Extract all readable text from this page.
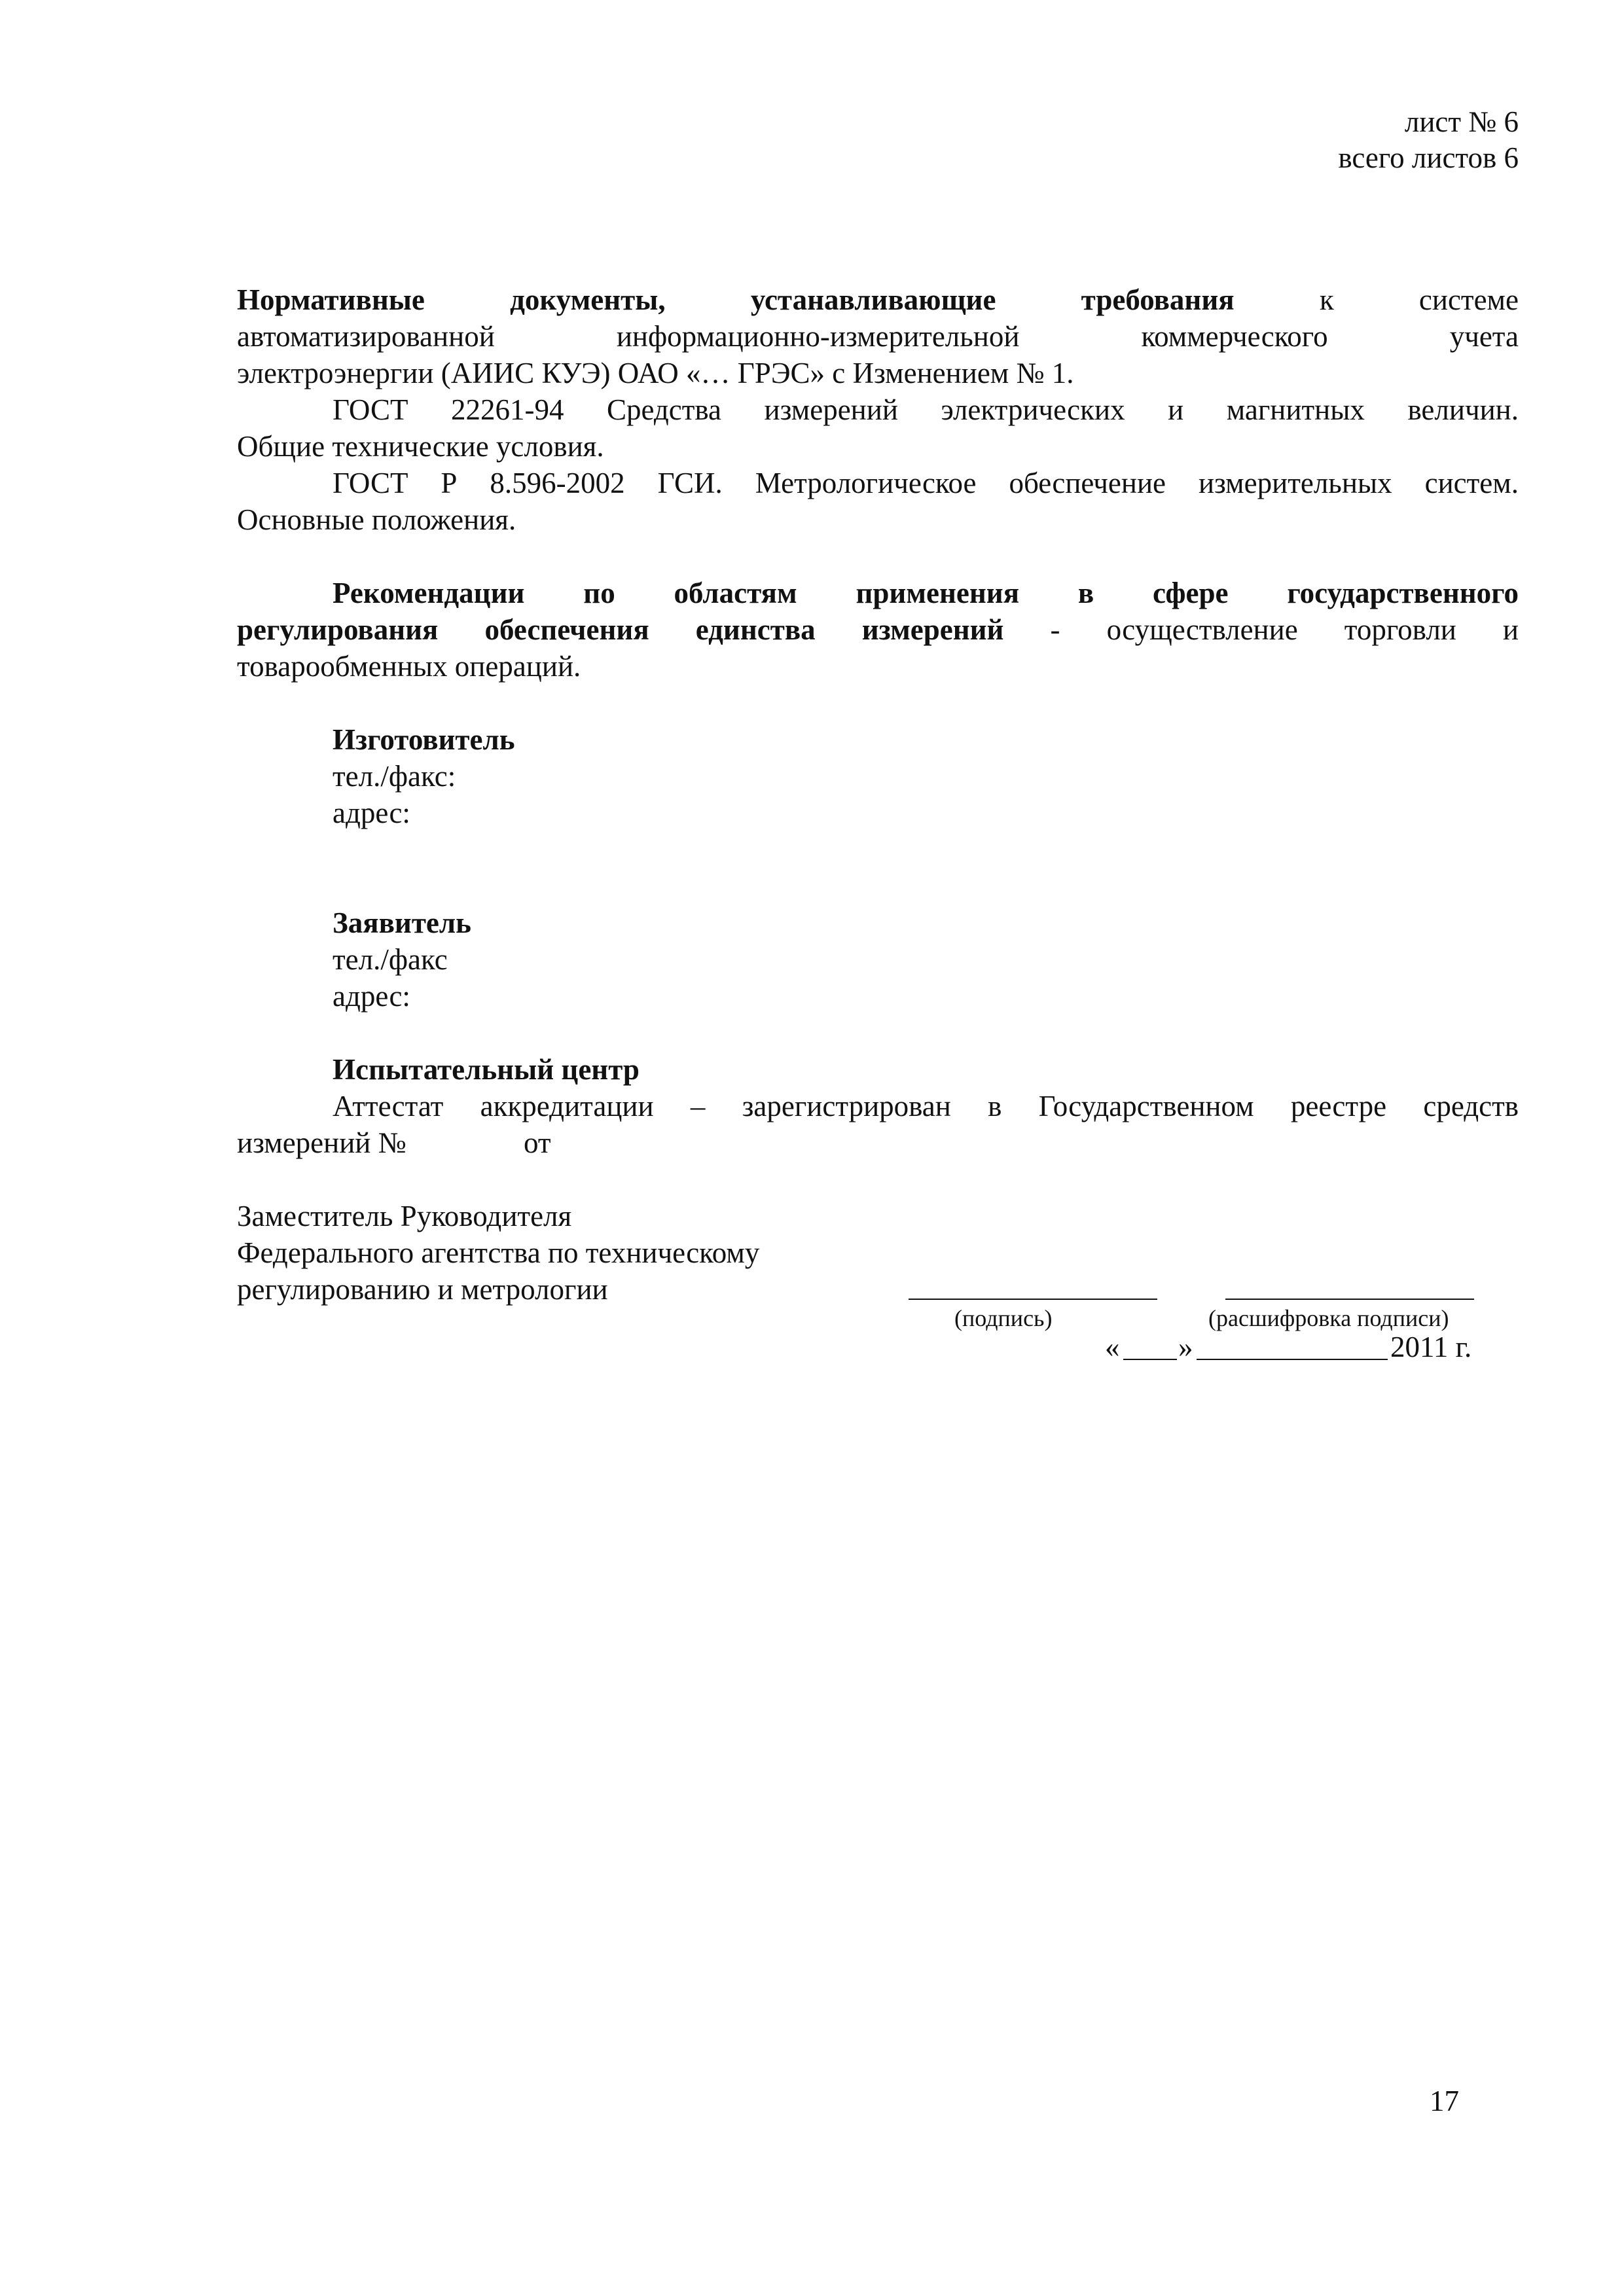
лист № 6
всего листов 6
Нормативные	документы,	устанавливающие	требования	к системе
автоматизированной информационно-измерительной коммерческого учета
электроэнергии (АИИС КУЭ) ОАО «… ГРЭС» с Изменением № 1.
ГОСТ 22261-94 Средства измерений электрических и магнитных величин.
Общие технические условия.
ГОСТ Р 8.596-2002 ГСИ. Метрологическое обеспечение измерительных систем.
Основные положения.
Рекомендации по областям применения в сфере государственного
регулирования обеспечения единства измерений - осуществление торговли и
товарообменных операций.
Изготовитель
тел./факс:
адрес:
Заявитель
тел./факс
адрес:
Испытательный центр
Аттестат аккредитации – зарегистрирован в Государственном реестре средств
измерений №	от
Заместитель Руководителя
Федерального агентства по техническому
регулированию и метрологии
(подпись)	(расшифровка подписи)
« »	2011 г.
17
